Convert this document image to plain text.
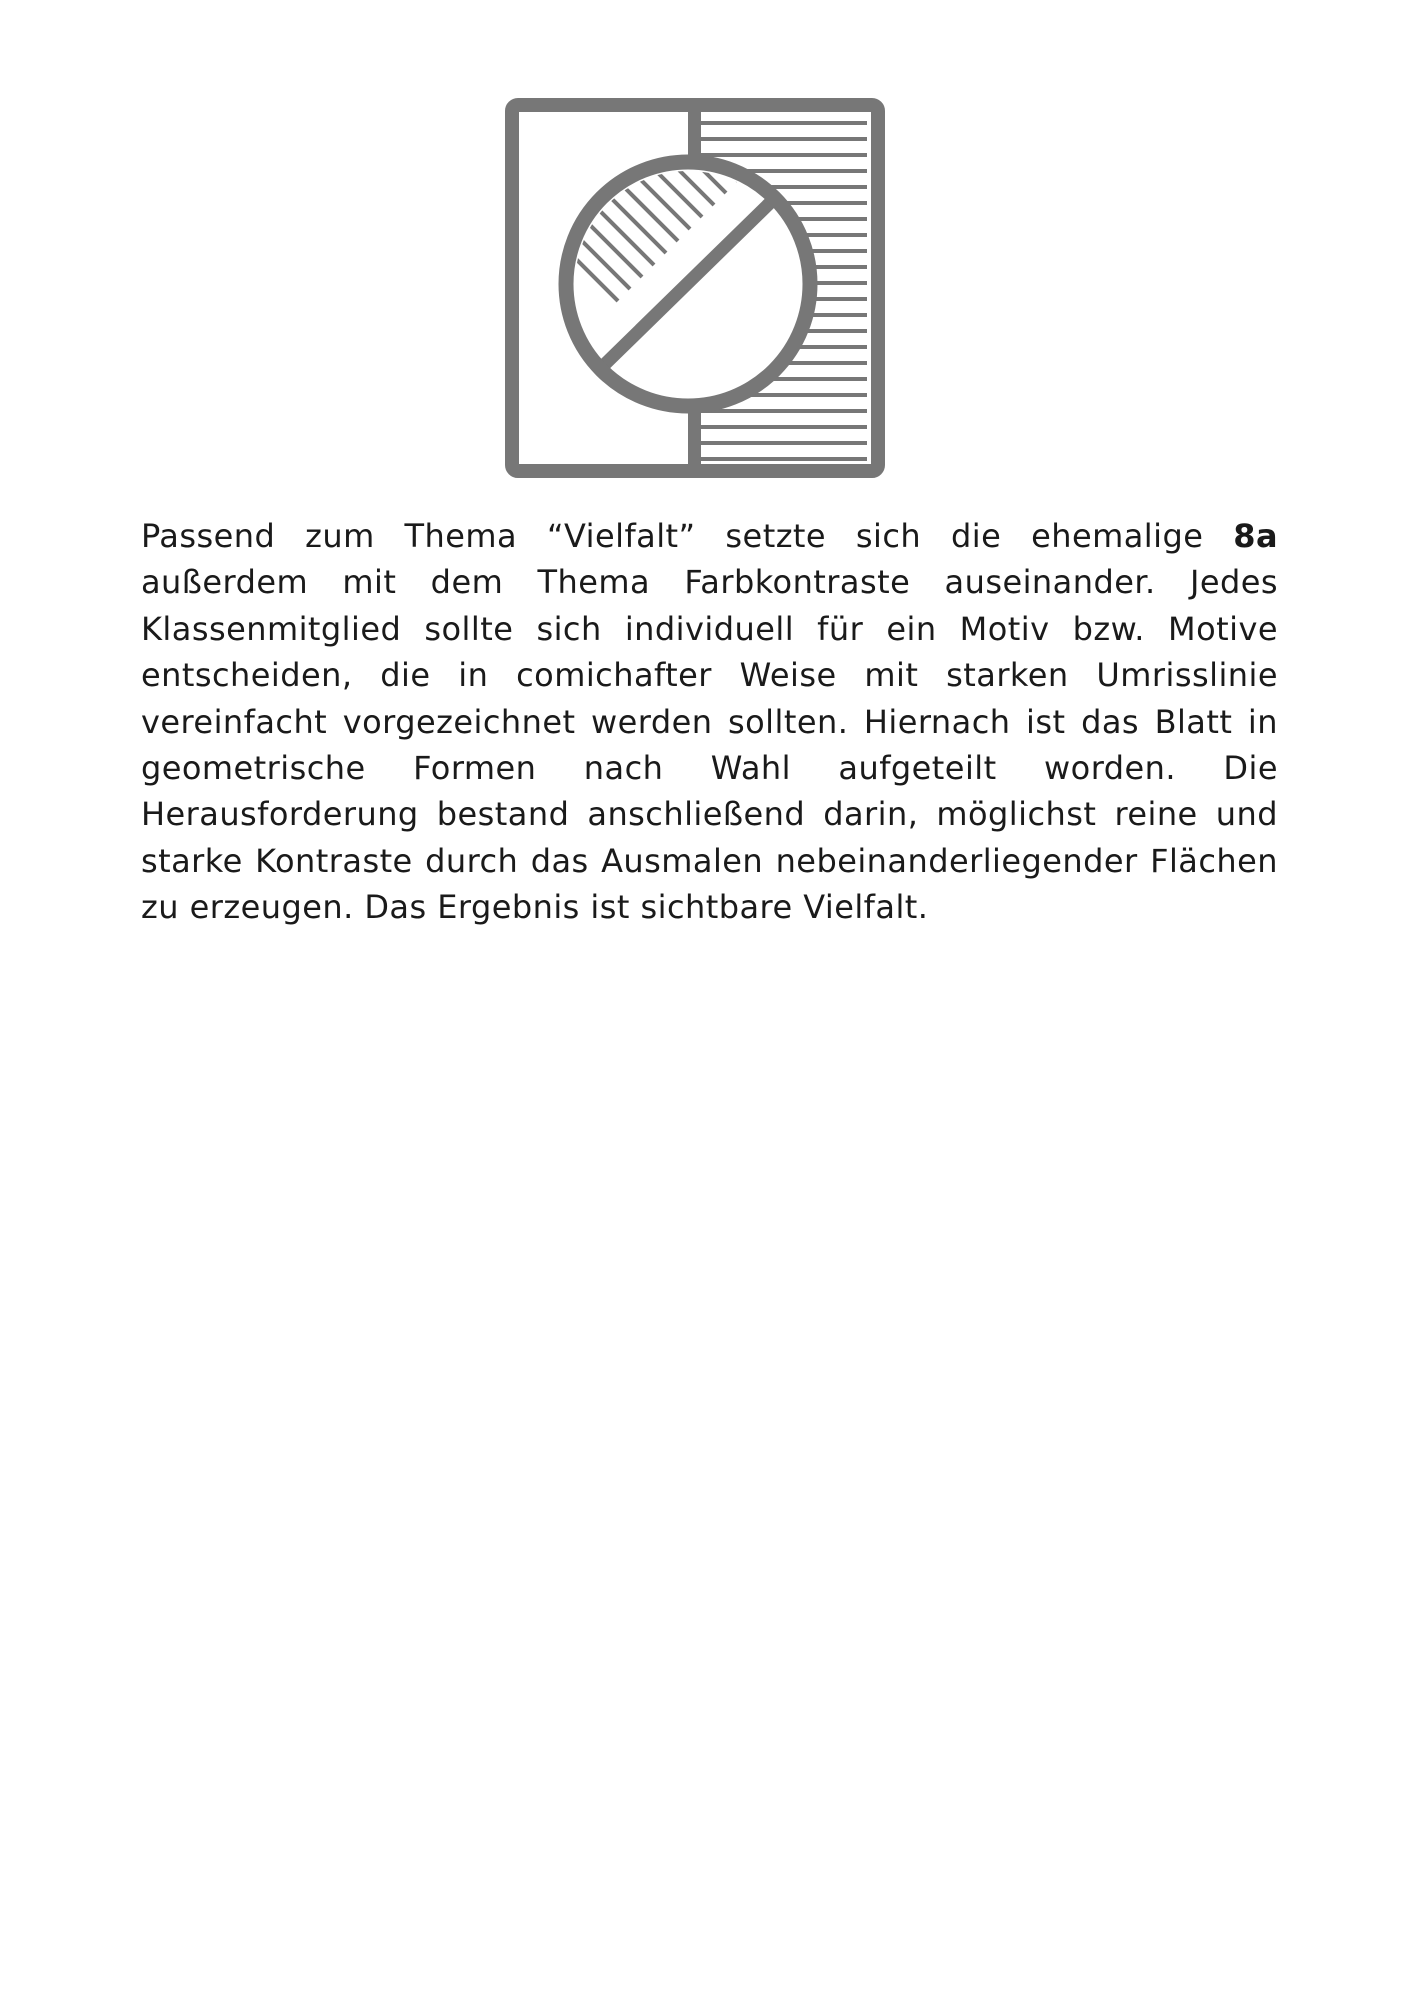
Passend zum Thema “Vielfalt” setzte sich die ehemalige 8a außerdem mit dem Thema Farbkontraste auseinander. Jedes Klassenmitglied sollte sich individuell für ein Motiv bzw. Motive entscheiden, die in comichafter Weise mit starken Umrisslinie vereinfacht vorgezeichnet werden sollten. Hiernach ist das Blatt in geometrische Formen nach Wahl aufgeteilt worden. Die Herausforderung bestand anschließend darin, möglichst reine und starke Kontraste durch das Ausmalen nebeinanderliegender Flächen zu erzeugen. Das Ergebnis ist sichtbare Vielfalt.
